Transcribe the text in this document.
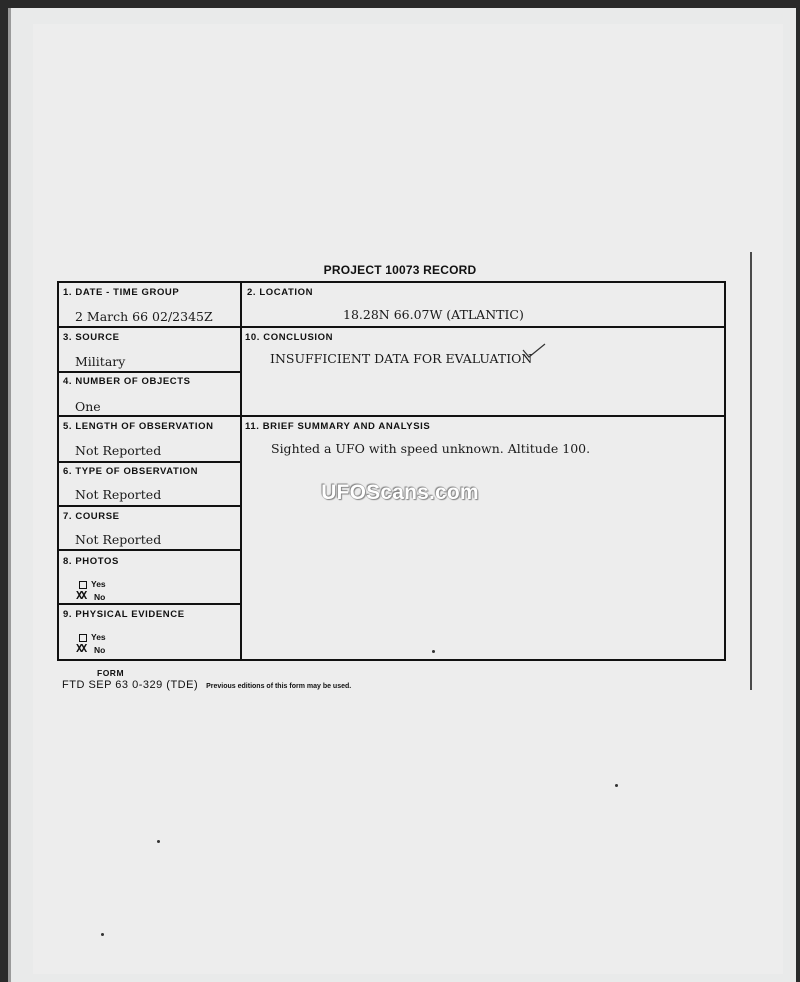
PROJECT 10073 RECORD
1. DATE - TIME GROUP
2 March 66 02/2345Z
2. LOCATION
18.28N 66.07W (ATLANTIC)
3. SOURCE
Military
10. CONCLUSION
INSUFFICIENT DATA FOR EVALUATION
4. NUMBER OF OBJECTS
One
5. LENGTH OF OBSERVATION
Not Reported
11. BRIEF SUMMARY AND ANALYSIS
Sighted a UFO with speed unknown. Altitude 100.
6. TYPE OF OBSERVATION
Not Reported
7. COURSE
Not Reported
8. PHOTOS
Yes
XX No
9. PHYSICAL EVIDENCE
Yes
XX No
FORM
FTD SEP 63 0-329 (TDE) Previous editions of this form may be used.
UFOScans.com
